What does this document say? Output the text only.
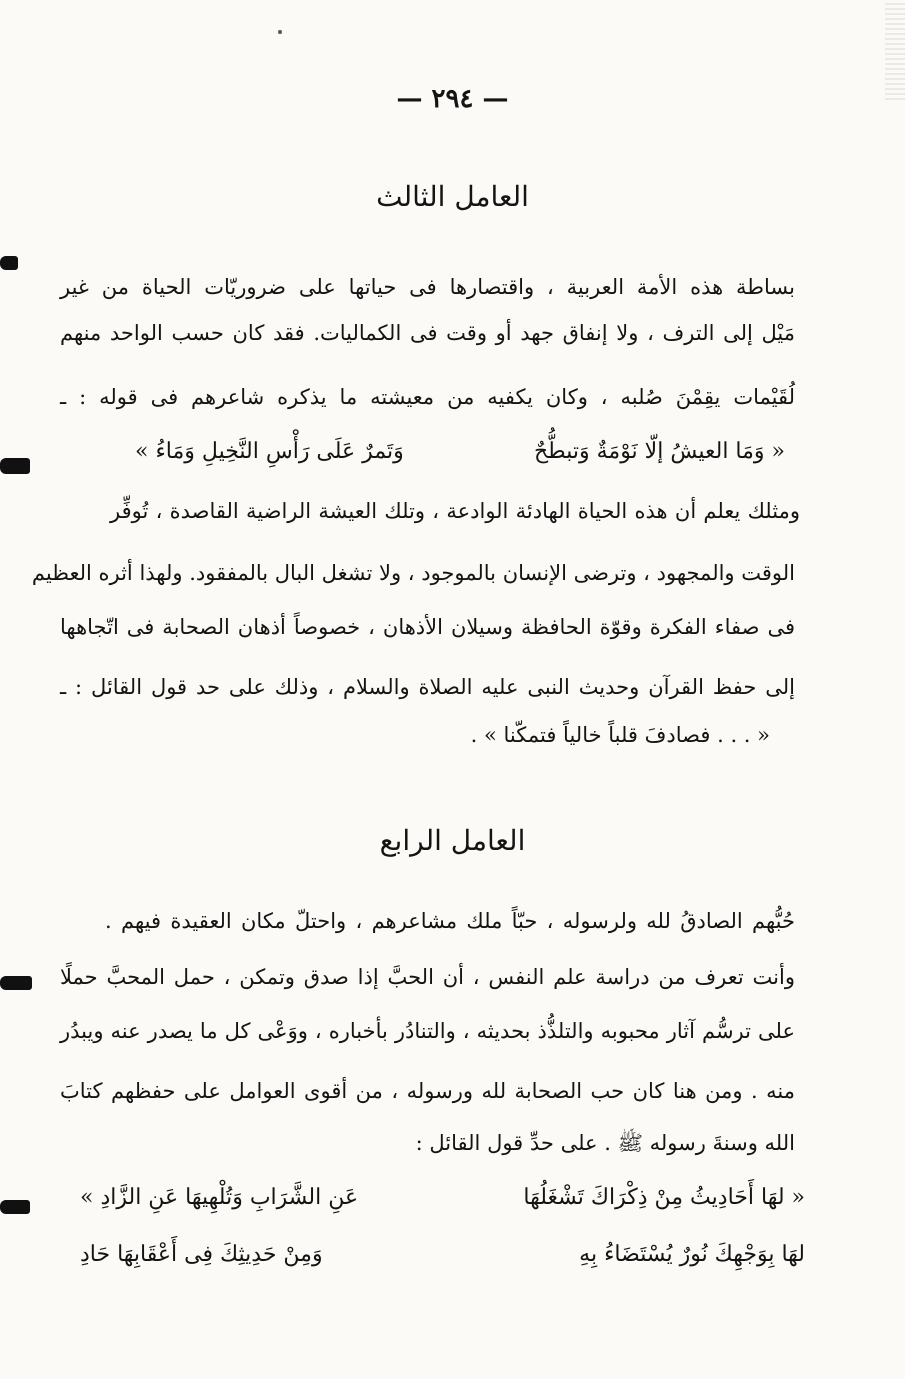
— ٢٩٤ —
العامل الثالث
بساطة هذه الأمة العربية ، واقتصارها فى حياتها على ضروريّات الحياة من غير
مَيْل إلى الترف ، ولا إنفاق جهد أو وقت فى الكماليات. فقد كان حسب الواحد منهم
لُقَيْمات يقِمْنَ صُلبه ، وكان يكفيه من معيشته ما يذكره شاعرهم فى قوله : ـ
« وَمَا العيشُ إلّا نَوْمَةٌ وَتبطُّحٌ
وَتَمرٌ عَلَى رَأْسِ النَّخِيلِ وَمَاءُ »
ومثلك يعلم أن هذه الحياة الهادئة الوادعة ، وتلك العيشة الراضية القاصدة ، تُوفِّر
الوقت والمجهود ، وترضى الإنسان بالموجود ، ولا تشغل البال بالمفقود. ولهذا أثره العظيم
فى صفاء الفكرة وقوّة الحافظة وسيلان الأذهان ، خصوصاً أذهان الصحابة فى اتّجاهها
إلى حفظ القرآن وحديث النبى عليه الصلاة والسلام ، وذلك على حد قول القائل : ـ
« . . . فصادفَ قلباً خالياً فتمكّنا » .
العامل الرابع
حُبُّهم الصادقُ لله ولرسوله ، حبّاً ملك مشاعرهم ، واحتلّ مكان العقيدة فيهم .
وأنت تعرف من دراسة علم النفس ، أن الحبَّ إذا صدق وتمكن ، حمل المحبَّ حملًا
على ترسُّم آثار محبوبه والتلذُّذ بحديثه ، والتنادُر بأخباره ، ووَعْى كل ما يصدر عنه ويبدُر
منه . ومن هنا كان حب الصحابة لله ورسوله ، من أقوى العوامل على حفظهم كتابَ
الله وسنةَ رسوله ﷺ . على حدِّ قول القائل :
« لهَا أَحَادِيثُ مِنْ ذِكْرَاكَ تَشْغَلُهَا
عَنِ الشَّرَابِ وَتُلْهِيهَا عَنِ الزَّادِ »
لهَا بِوَجْهِكَ نُورٌ يُسْتَضَاءُ بِهِ
وَمِنْ حَدِيثِكَ فِى أَعْقَابِهَا حَادِ
